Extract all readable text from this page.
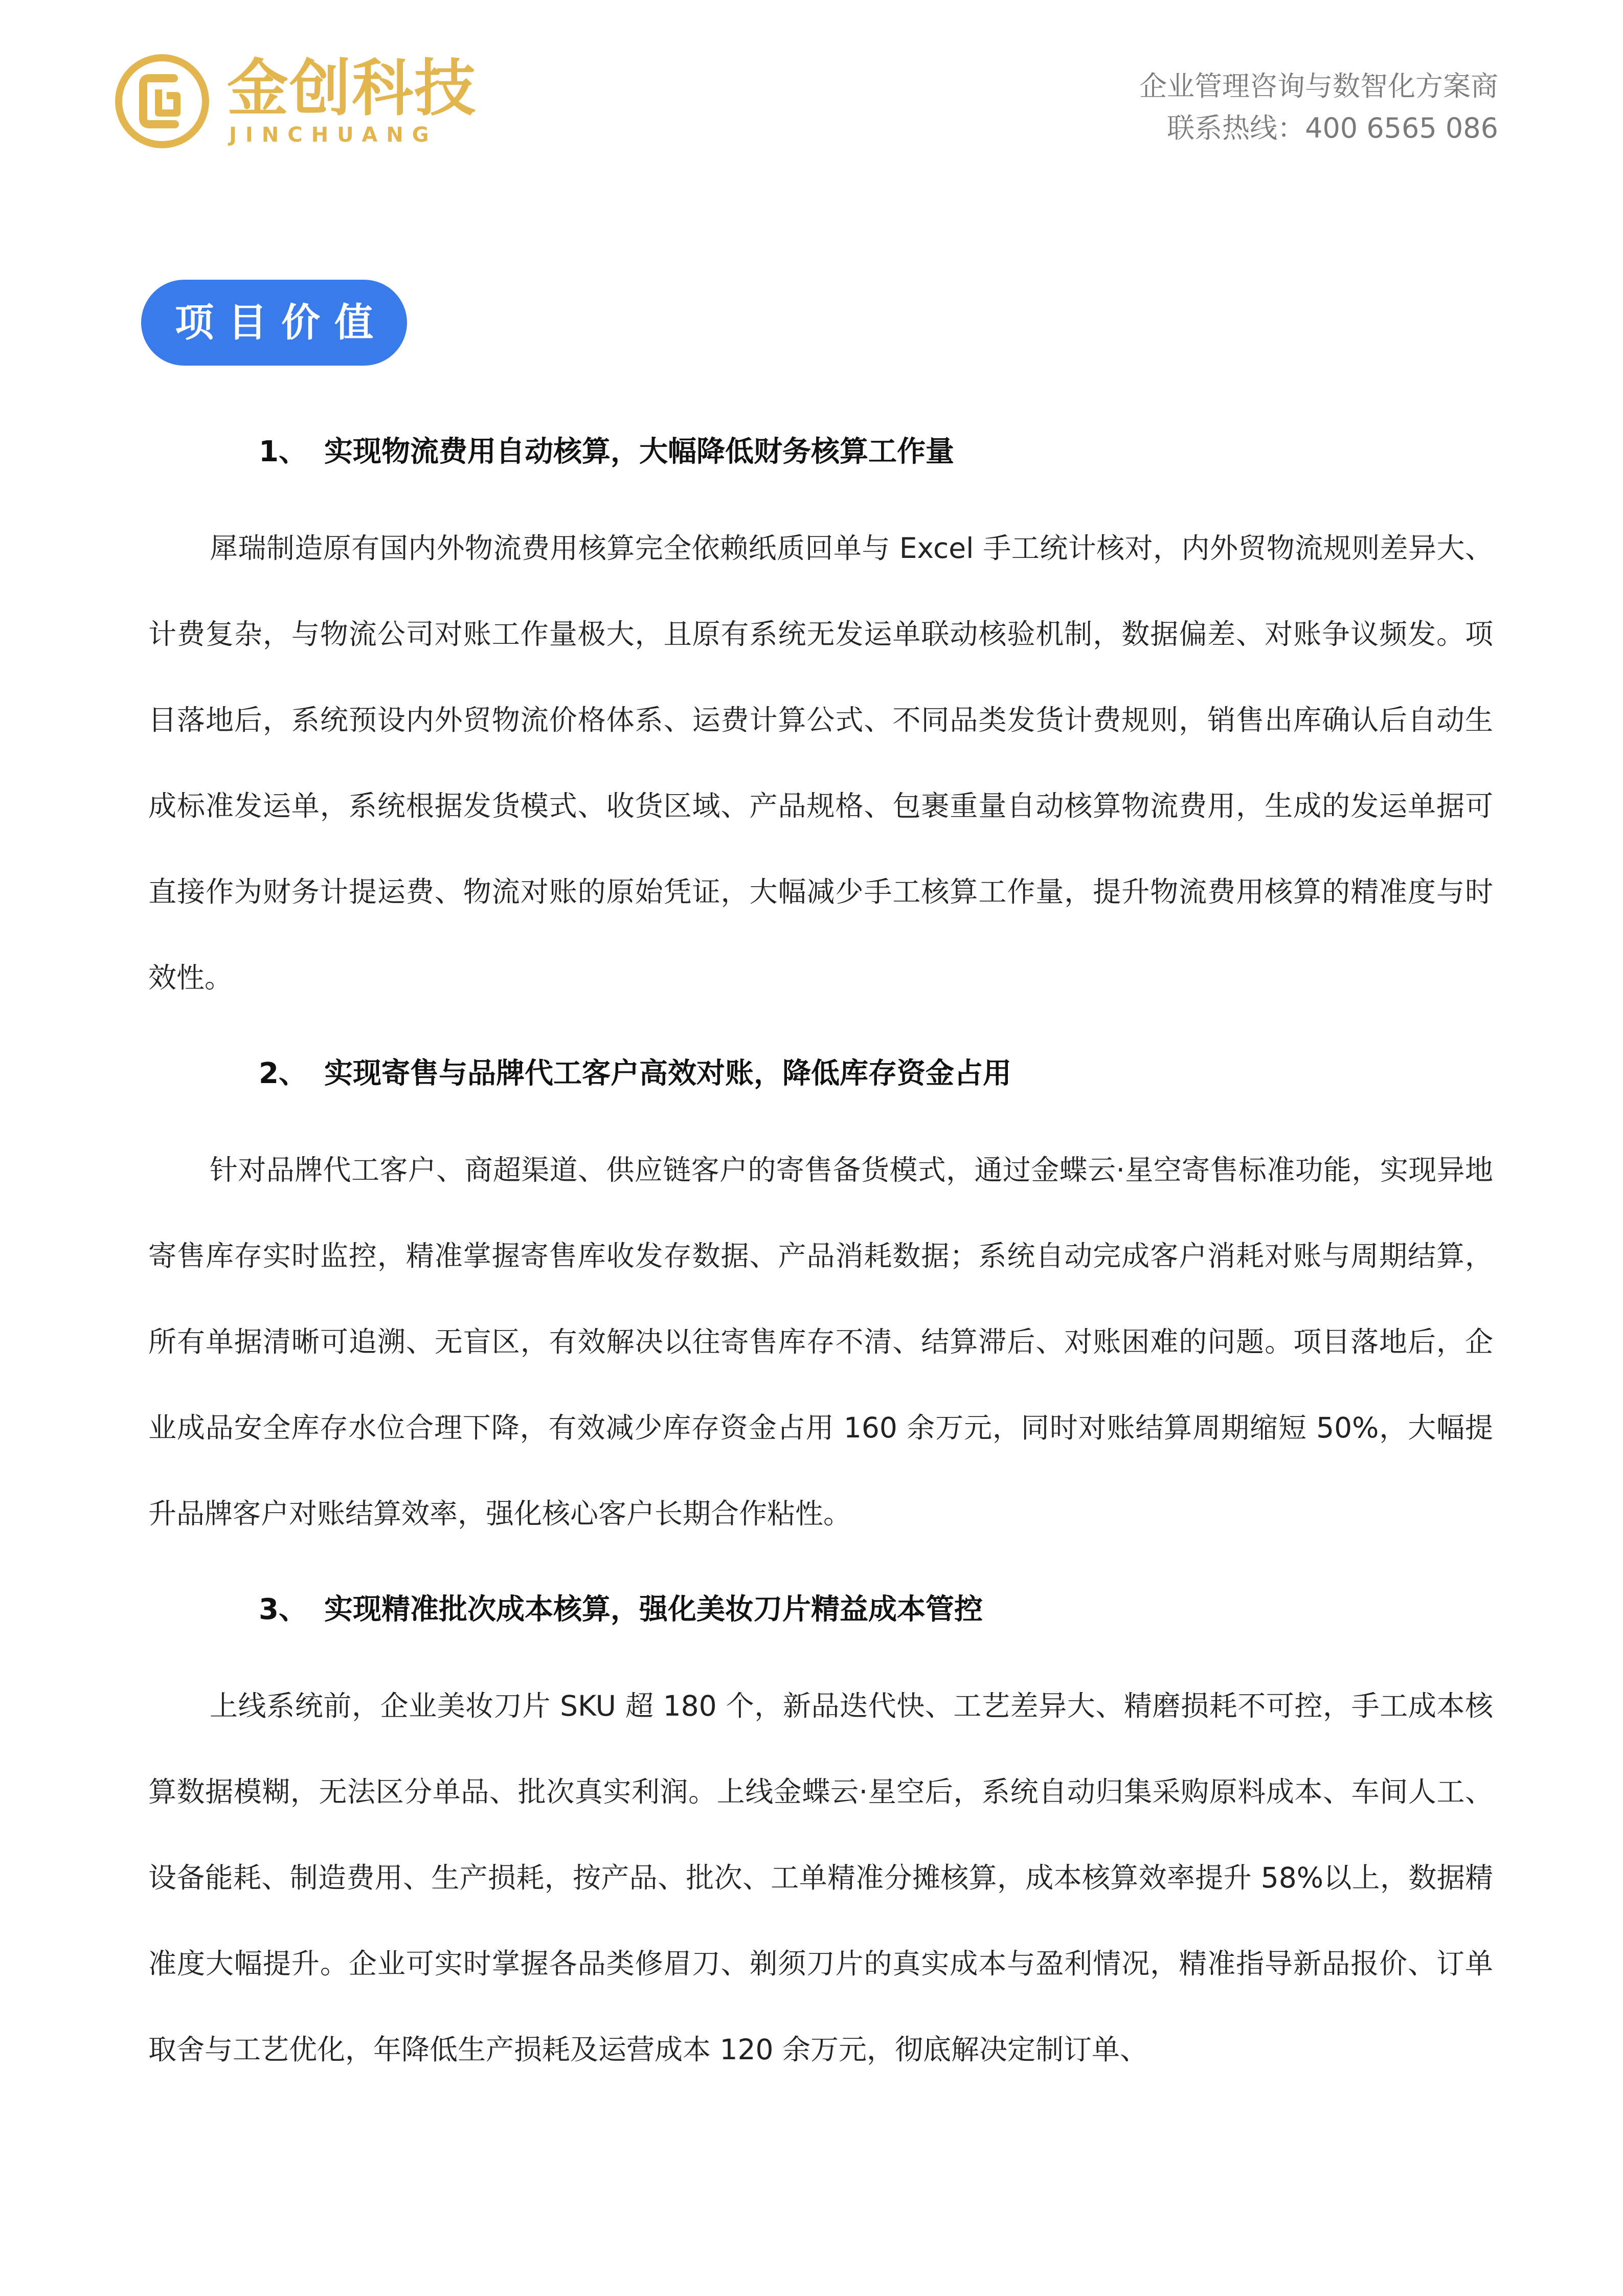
金创科技
JINCHUANG
企业管理咨询与数智化方案商
联系热线：400 6565 086
项目价值
1、 实现物流费用自动核算，大幅降低财务核算工作量

犀瑞制造原有国内外物流费用核算完全依赖纸质回单与 Excel 手工统计核对，内外贸物流规则差异大、计费复杂，与物流公司对账工作量极大，且原有系统无发运单联动核验机制，数据偏差、对账争议频发。项目落地后，系统预设内外贸物流价格体系、运费计算公式、不同品类发货计费规则，销售出库确认后自动生成标准发运单，系统根据发货模式、收货区域、产品规格、包裹重量自动核算物流费用，生成的发运单据可直接作为财务计提运费、物流对账的原始凭证，大幅减少手工核算工作量，提升物流费用核算的精准度与时效性。

2、 实现寄售与品牌代工客户高效对账，降低库存资金占用

针对品牌代工客户、商超渠道、供应链客户的寄售备货模式，通过金蝶云·星空寄售标准功能，实现异地寄售库存实时监控，精准掌握寄售库收发存数据、产品消耗数据；系统自动完成客户消耗对账与周期结算，所有单据清晰可追溯、无盲区，有效解决以往寄售库存不清、结算滞后、对账困难的问题。项目落地后，企业成品安全库存水位合理下降，有效减少库存资金占用 160 余万元，同时对账结算周期缩短 50%，大幅提升品牌客户对账结算效率，强化核心客户长期合作粘性。

3、 实现精准批次成本核算，强化美妆刀片精益成本管控

上线系统前，企业美妆刀片 SKU 超 180 个，新品迭代快、工艺差异大、精磨损耗不可控，手工成本核算数据模糊，无法区分单品、批次真实利润。上线金蝶云·星空后，系统自动归集采购原料成本、车间人工、设备能耗、制造费用、生产损耗，按产品、批次、工单精准分摊核算，成本核算效率提升 58%以上，数据精准度大幅提升。企业可实时掌握各品类修眉刀、剃须刀片的真实成本与盈利情况，精准指导新品报价、订单取舍与工艺优化，年降低生产损耗及运营成本 120 余万元，彻底解决定制订单、
